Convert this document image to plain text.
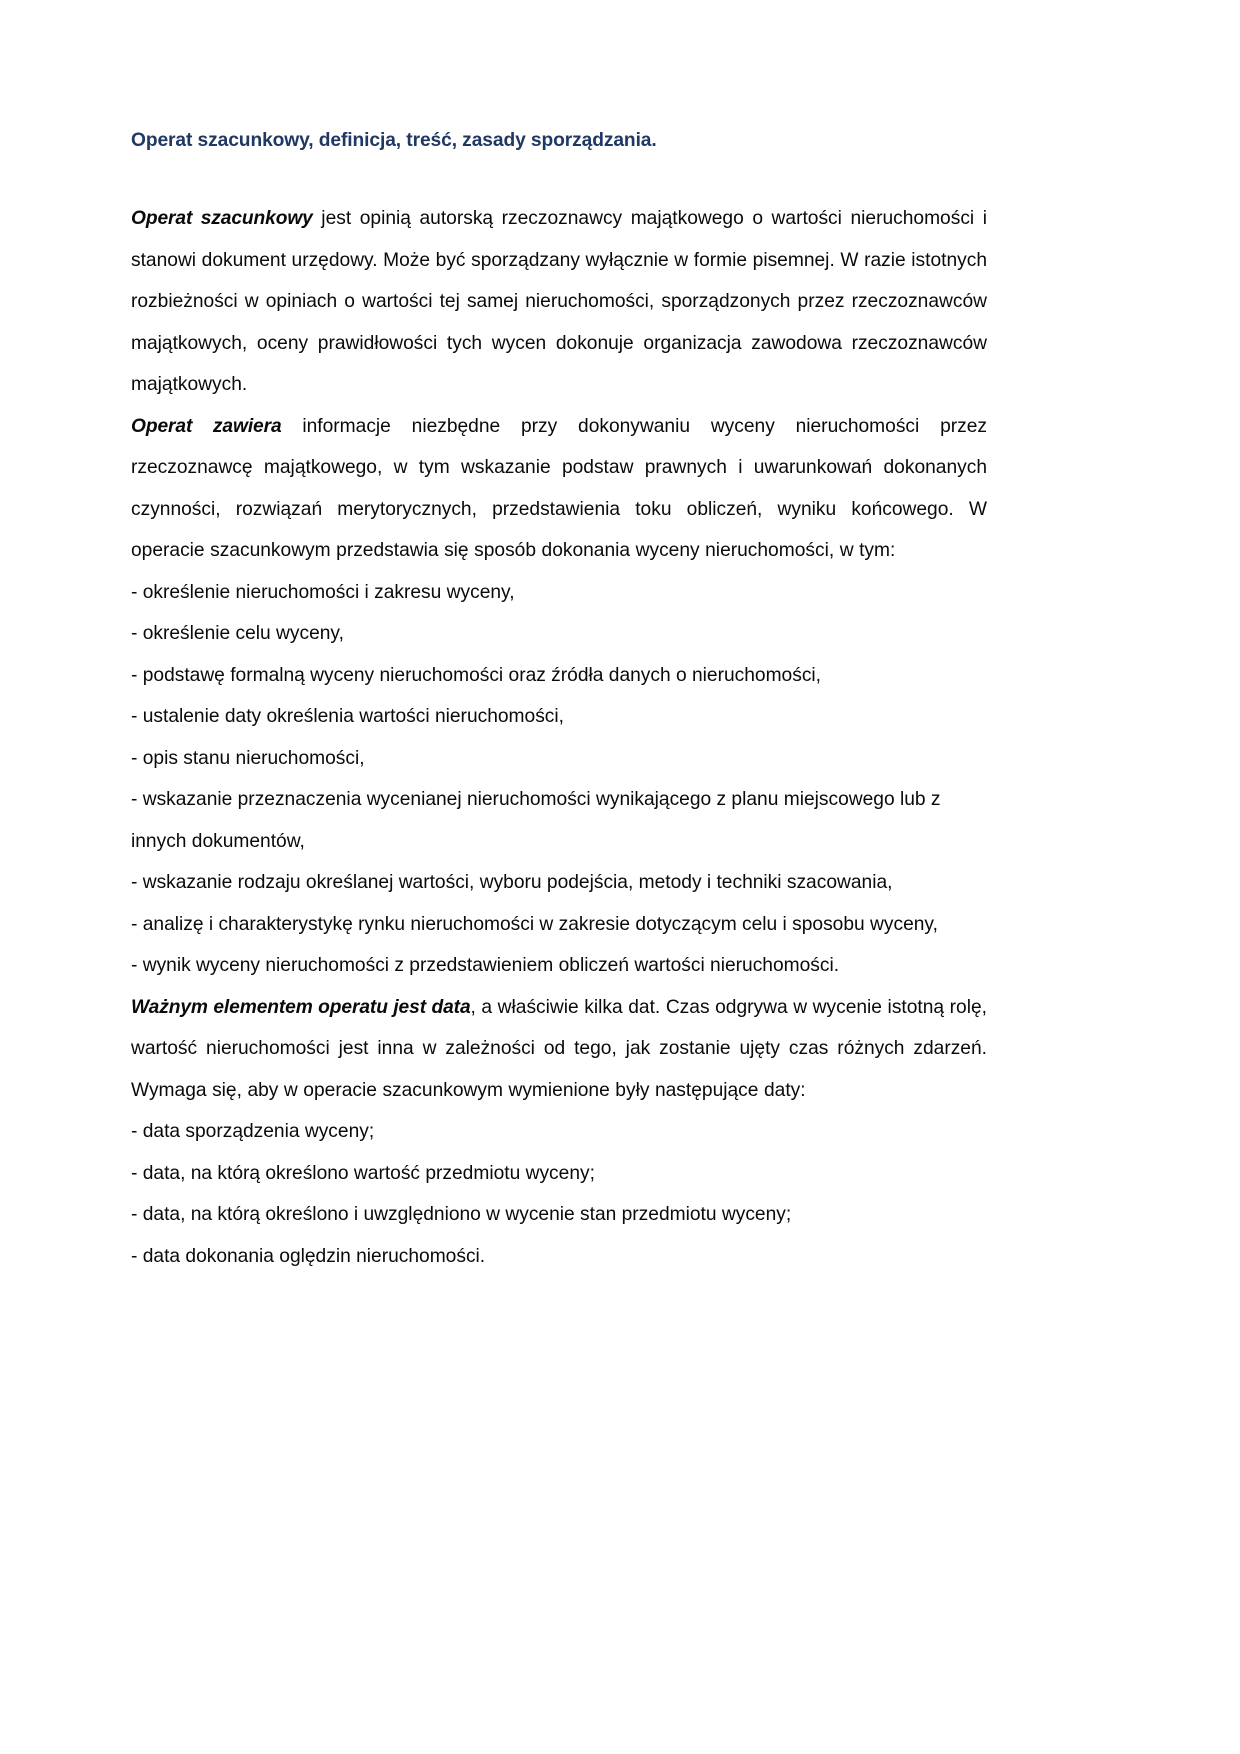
Operat szacunkowy, definicja, treść, zasady sporządzania.

Operat szacunkowy jest opinią autorską rzeczoznawcy majątkowego o wartości nieruchomości i stanowi dokument urzędowy. Może być sporządzany wyłącznie w formie pisemnej. W razie istotnych rozbieżności w opiniach o wartości tej samej nieruchomości, sporządzonych przez rzeczoznawców majątkowych, oceny prawidłowości tych wycen dokonuje organizacja zawodowa rzeczoznawców majątkowych.

Operat zawiera informacje niezbędne przy dokonywaniu wyceny nieruchomości przez rzeczoznawcę majątkowego, w tym wskazanie podstaw prawnych i uwarunkowań dokonanych czynności, rozwiązań merytorycznych, przedstawienia toku obliczeń, wyniku końcowego. W operacie szacunkowym przedstawia się sposób dokonania wyceny nieruchomości, w tym:

- określenie nieruchomości i zakresu wyceny,

- określenie celu wyceny,

- podstawę formalną wyceny nieruchomości oraz źródła danych o nieruchomości,

- ustalenie daty określenia wartości nieruchomości,

- opis stanu nieruchomości,

- wskazanie przeznaczenia wycenianej nieruchomości wynikającego z planu miejscowego lub z innych dokumentów,

- wskazanie rodzaju określanej wartości, wyboru podejścia, metody i techniki szacowania,

- analizę i charakterystykę rynku nieruchomości w zakresie dotyczącym celu i sposobu wyceny,

- wynik wyceny nieruchomości z przedstawieniem obliczeń wartości nieruchomości.

Ważnym elementem operatu jest data, a właściwie kilka dat. Czas odgrywa w wycenie istotną rolę, wartość nieruchomości jest inna w zależności od tego, jak zostanie ujęty czas różnych zdarzeń. Wymaga się, aby w operacie szacunkowym wymienione były następujące daty:

- data sporządzenia wyceny;

- data, na którą określono wartość przedmiotu wyceny;

- data, na którą określono i uwzględniono w wycenie stan przedmiotu wyceny;

- data dokonania oględzin nieruchomości.
